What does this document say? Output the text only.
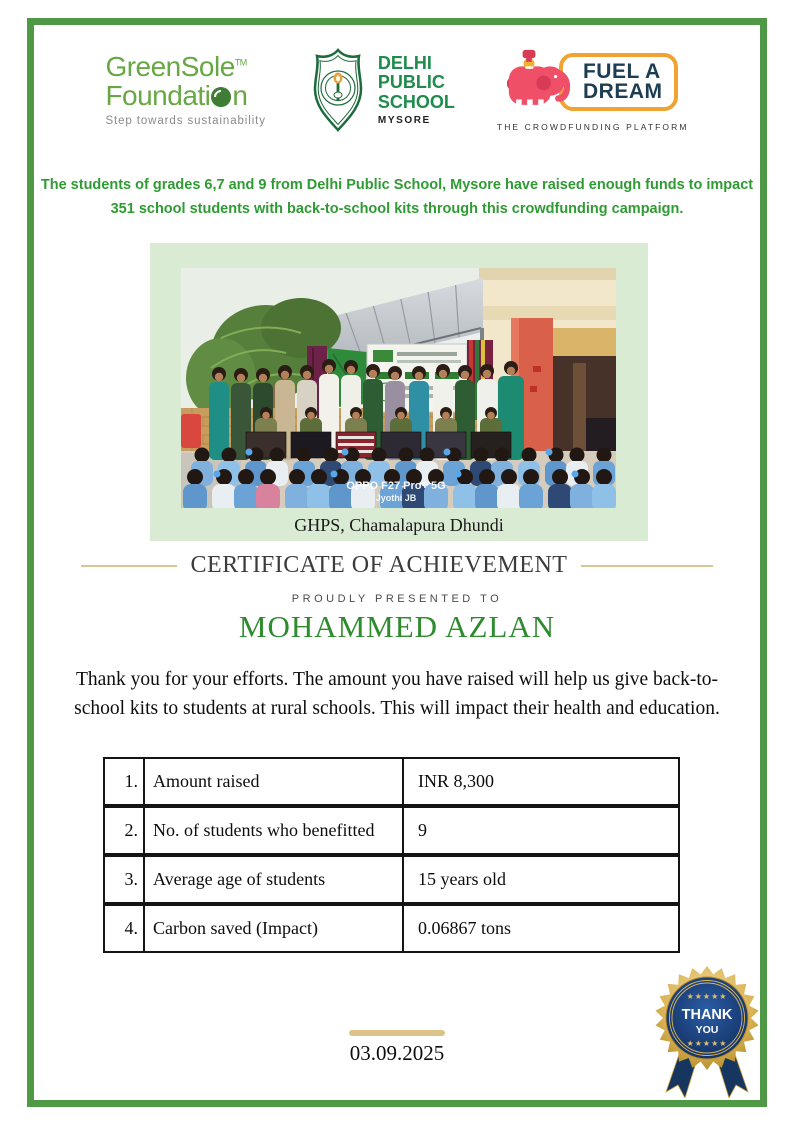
GreenSole™
Foundati n
Step towards sustainability
DELHI
PUBLIC
SCHOOL
MYSORE
FUEL A
DREAM
THE CROWDFUNDING PLATFORM
The students of grades 6,7 and 9 from Delhi Public School, Mysore have raised enough funds to impact
351 school students with back-to-school kits through this crowdfunding campaign.
OPPO F27 Pro+ 5G
Jyothi JB
GHPS, Chamalapura Dhundi
CERTIFICATE OF ACHIEVEMENT
PROUDLY PRESENTED TO
MOHAMMED AZLAN
Thank you for your efforts. The amount you have raised will help us give back-to-
school kits to students at rural schools. This will impact their health and education.
1. Amount raised	INR 8,300
2. No. of students who benefitted	9
3. Average age of students	15 years old
4. Carbon saved (Impact)	0.06867 tons
03.09.2025
★★★★★
THANK
YOU
★★★★★
